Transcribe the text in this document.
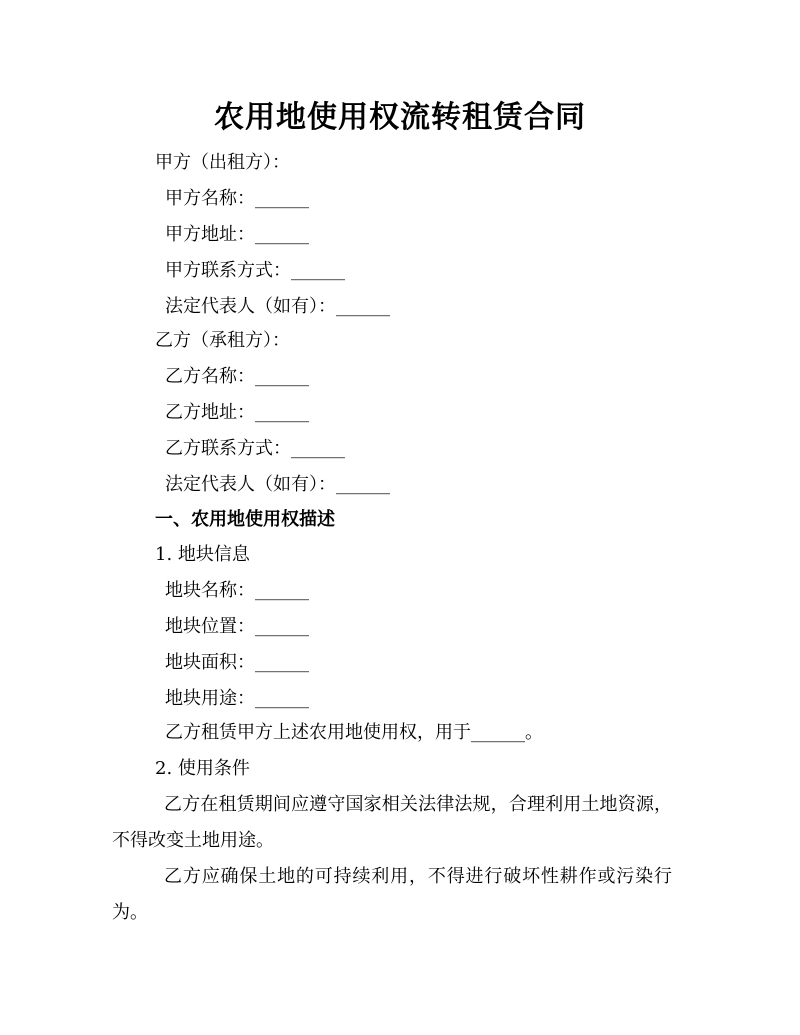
农用地使用权流转租赁合同
甲方（出租方）：
甲方名称：______
甲方地址：______
甲方联系方式：______
法定代表人（如有）：______
乙方（承租方）：
乙方名称：______
乙方地址：______
乙方联系方式：______
法定代表人（如有）：______
一、农用地使用权描述
1. 地块信息
地块名称：______
地块位置：______
地块面积：______
地块用途：______
乙方租赁甲方上述农用地使用权，用于______。
2. 使用条件
乙方在租赁期间应遵守国家相关法律法规，合理利用土地资源，不得改变土地用途。
乙方应确保土地的可持续利用，不得进行破坏性耕作或污染行为。
